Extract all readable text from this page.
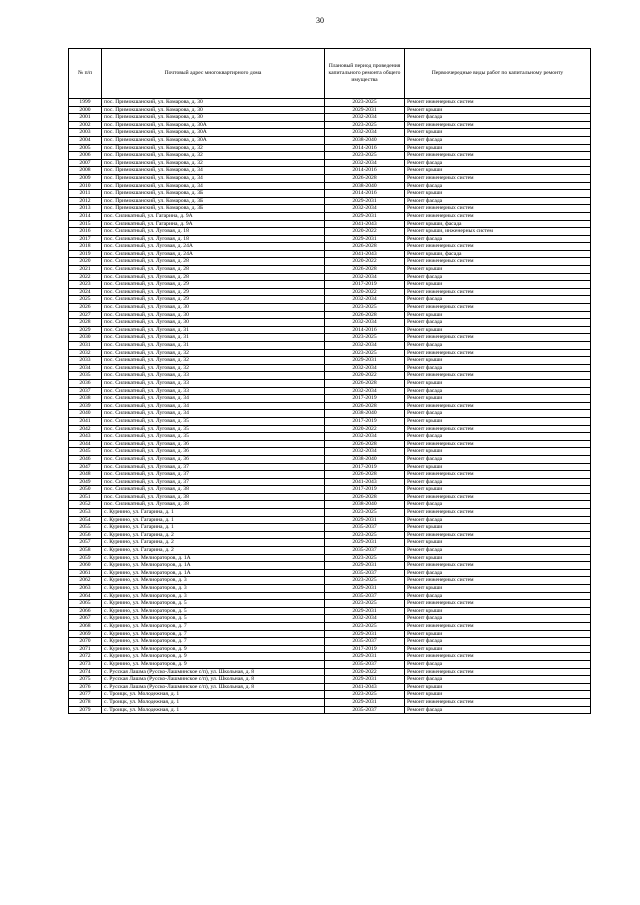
30
№ п/п	Почтовый адрес многоквартирного дома	Плановый период проведения капитального ремонта общего имущества	Первоочередные виды работ по капитальному ремонту
1999	пос. Примокшанский, ул. Комарова, д. 30	2023-2025	Ремонт инженерных систем
2000	пос. Примокшанский, ул. Комарова, д. 30	2029-2031	Ремонт крыши
2001	пос. Примокшанский, ул. Комарова, д. 30	2032-2034	Ремонт фасада
2002	пос. Примокшанский, ул. Комарова, д. 30А	2023-2025	Ремонт инженерных систем
2003	пос. Примокшанский, ул. Комарова, д. 30А	2032-2034	Ремонт крыши
2004	пос. Примокшанский, ул. Комарова, д. 30А	2038-2040	Ремонт фасада
2005	пос. Примокшанский, ул. Комарова, д. 32	2014-2016	Ремонт крыши
2006	пос. Примокшанский, ул. Комарова, д. 32	2023-2025	Ремонт инженерных систем
2007	пос. Примокшанский, ул. Комарова, д. 32	2032-2034	Ремонт фасада
2008	пос. Примокшанский, ул. Комарова, д. 34	2014-2016	Ремонт крыши
2009	пос. Примокшанский, ул. Комарова, д. 34	2026-2028	Ремонт инженерных систем
2010	пос. Примокшанский, ул. Комарова, д. 34	2038-2040	Ремонт фасада
2011	пос. Примокшанский, ул. Комарова, д. 3Б	2014-2016	Ремонт крыши
2012	пос. Примокшанский, ул. Комарова, д. 3Б	2029-2031	Ремонт фасада
2013	пос. Примокшанский, ул. Комарова, д. 3Б	2032-2034	Ремонт инженерных систем
2014	пос. Силикатный, ул. Гагарина, д. 9А	2029-2031	Ремонт инженерных систем
2015	пос. Силикатный, ул. Гагарина, д. 9А	2041-2043	Ремонт крыши, фасада
2016	пос. Силикатный, ул. Луговая, д. 18	2020-2022	Ремонт крыши, инженерных систем
2017	пос. Силикатный, ул. Луговая, д. 18	2029-2031	Ремонт фасада
2018	пос. Силикатный, ул. Луговая, д. 24А	2026-2028	Ремонт инженерных систем
2019	пос. Силикатный, ул. Луговая, д. 24А	2041-2043	Ремонт крыши, фасада
2020	пос. Силикатный, ул. Луговая, д. 28	2020-2022	Ремонт инженерных систем
2021	пос. Силикатный, ул. Луговая, д. 28	2026-2028	Ремонт крыши
2022	пос. Силикатный, ул. Луговая, д. 28	2032-2034	Ремонт фасада
2023	пос. Силикатный, ул. Луговая, д. 29	2017-2019	Ремонт крыши
2024	пос. Силикатный, ул. Луговая, д. 29	2020-2022	Ремонт инженерных систем
2025	пос. Силикатный, ул. Луговая, д. 29	2032-2034	Ремонт фасада
2026	пос. Силикатный, ул. Луговая, д. 30	2023-2025	Ремонт инженерных систем
2027	пос. Силикатный, ул. Луговая, д. 30	2026-2028	Ремонт крыши
2028	пос. Силикатный, ул. Луговая, д. 30	2032-2034	Ремонт фасада
2029	пос. Силикатный, ул. Луговая, д. 31	2014-2016	Ремонт крыши
2030	пос. Силикатный, ул. Луговая, д. 31	2023-2025	Ремонт инженерных систем
2031	пос. Силикатный, ул. Луговая, д. 31	2032-2034	Ремонт фасада
2032	пос. Силикатный, ул. Луговая, д. 32	2023-2025	Ремонт инженерных систем
2033	пос. Силикатный, ул. Луговая, д. 32	2029-2031	Ремонт крыши
2034	пос. Силикатный, ул. Луговая, д. 32	2032-2034	Ремонт фасада
2035	пос. Силикатный, ул. Луговая, д. 33	2020-2022	Ремонт инженерных систем
2036	пос. Силикатный, ул. Луговая, д. 33	2026-2028	Ремонт крыши
2037	пос. Силикатный, ул. Луговая, д. 33	2032-2034	Ремонт фасада
2038	пос. Силикатный, ул. Луговая, д. 34	2017-2019	Ремонт крыши
2039	пос. Силикатный, ул. Луговая, д. 34	2026-2028	Ремонт инженерных систем
2040	пос. Силикатный, ул. Луговая, д. 34	2038-2040	Ремонт фасада
2041	пос. Силикатный, ул. Луговая, д. 35	2017-2019	Ремонт крыши
2042	пос. Силикатный, ул. Луговая, д. 35	2020-2022	Ремонт инженерных систем
2043	пос. Силикатный, ул. Луговая, д. 35	2032-2034	Ремонт фасада
2044	пос. Силикатный, ул. Луговая, д. 36	2026-2028	Ремонт инженерных систем
2045	пос. Силикатный, ул. Луговая, д. 36	2032-2034	Ремонт крыши
2046	пос. Силикатный, ул. Луговая, д. 36	2038-2040	Ремонт фасада
2047	пос. Силикатный, ул. Луговая, д. 37	2017-2019	Ремонт крыши
2048	пос. Силикатный, ул. Луговая, д. 37	2026-2028	Ремонт инженерных систем
2049	пос. Силикатный, ул. Луговая, д. 37	2041-2043	Ремонт фасада
2050	пос. Силикатный, ул. Луговая, д. 38	2017-2019	Ремонт крыши
2051	пос. Силикатный, ул. Луговая, д. 38	2026-2028	Ремонт инженерных систем
2052	пос. Силикатный, ул. Луговая, д. 38	2038-2040	Ремонт фасада
2053	с. Курнино, ул. Гагарина, д. 1	2023-2025	Ремонт инженерных систем
2054	с. Курнино, ул. Гагарина, д. 1	2029-2031	Ремонт фасада
2055	с. Курнино, ул. Гагарина, д. 1	2035-2037	Ремонт крыши
2056	с. Курнино, ул. Гагарина, д. 2	2023-2025	Ремонт инженерных систем
2057	с. Курнино, ул. Гагарина, д. 2	2029-2031	Ремонт крыши
2058	с. Курнино, ул. Гагарина, д. 2	2035-2037	Ремонт фасада
2059	с. Курнино, ул. Мелиораторов, д. 1А	2023-2025	Ремонт крыши
2060	с. Курнино, ул. Мелиораторов, д. 1А	2029-2031	Ремонт инженерных систем
2061	с. Курнино, ул. Мелиораторов, д. 1А	2035-2037	Ремонт фасада
2062	с. Курнино, ул. Мелиораторов, д. 3	2023-2025	Ремонт инженерных систем
2063	с. Курнино, ул. Мелиораторов, д. 3	2029-2031	Ремонт крыши
2064	с. Курнино, ул. Мелиораторов, д. 3	2035-2037	Ремонт фасада
2065	с. Курнино, ул. Мелиораторов, д. 5	2023-2025	Ремонт инженерных систем
2066	с. Курнино, ул. Мелиораторов, д. 5	2029-2031	Ремонт крыши
2067	с. Курнино, ул. Мелиораторов, д. 5	2032-2034	Ремонт фасада
2068	с. Курнино, ул. Мелиораторов, д. 7	2023-2025	Ремонт инженерных систем
2069	с. Курнино, ул. Мелиораторов, д. 7	2029-2031	Ремонт крыши
2070	с. Курнино, ул. Мелиораторов, д. 7	2035-2037	Ремонт фасада
2071	с. Курнино, ул. Мелиораторов, д. 9	2017-2019	Ремонт крыши
2072	с. Курнино, ул. Мелиораторов, д. 9	2029-2031	Ремонт инженерных систем
2073	с. Курнино, ул. Мелиораторов, д. 9	2035-2037	Ремонт фасада
2074	с. Русская Лашма (Русско-Лашминское с/п), ул. Школьная, д. 8	2020-2022	Ремонт инженерных систем
2075	с. Русская Лашма (Русско-Лашминское с/п), ул. Школьная, д. 8	2029-2031	Ремонт фасада
2076	с. Русская Лашма (Русско-Лашминское с/п), ул. Школьная, д. 8	2041-2043	Ремонт крыши
2077	с. Троицк, ул. Молодежная, д. 1	2023-2025	Ремонт крыши
2078	с. Троицк, ул. Молодежная, д. 1	2029-2031	Ремонт инженерных систем
2079	с. Троицк, ул. Молодежная, д. 1	2035-2037	Ремонт фасада
